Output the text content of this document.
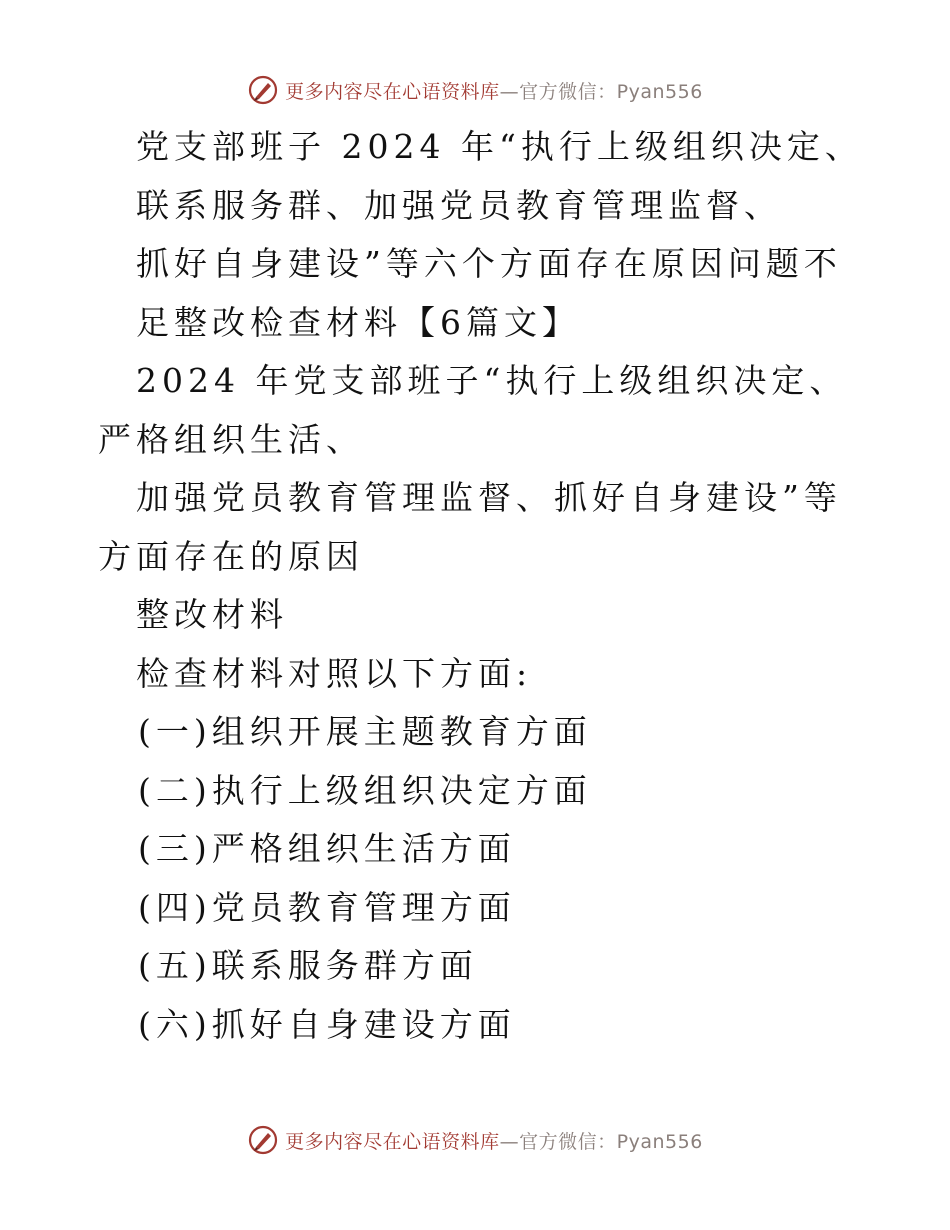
更多内容尽在心语资料库—官方微信：Pyan556
党支部班子 2024 年“执行上级组织决定、
联系服务群、加强党员教育管理监督、
抓好自身建设”等六个方面存在原因问题不
足整改检查材料【6篇文】
2024 年党支部班子“执行上级组织决定、严格组织生活、
加强党员教育管理监督、抓好自身建设”等方面存在的原因
整改材料
检查材料对照以下方面:
(一)组织开展主题教育方面
(二)执行上级组织决定方面
(三)严格组织生活方面
(四)党员教育管理方面
(五)联系服务群方面
(六)抓好自身建设方面
更多内容尽在心语资料库—官方微信：Pyan556
